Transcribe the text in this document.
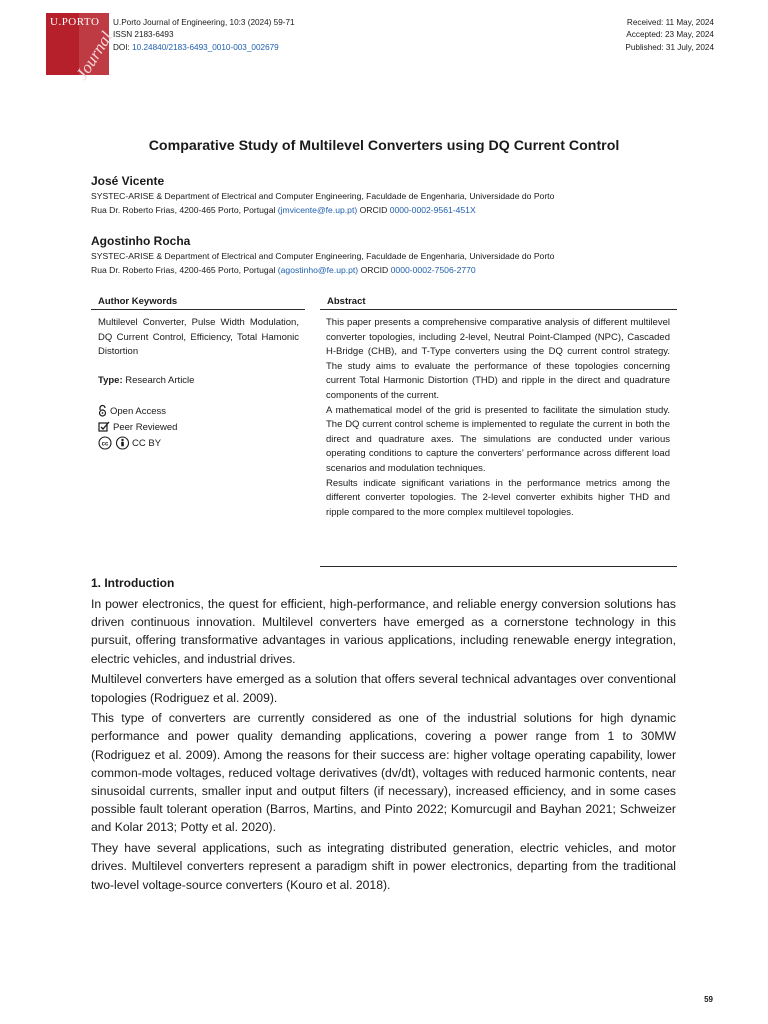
U.PORTO
Journal
U.Porto Journal of Engineering, 10:3 (2024) 59-71
ISSN 2183-6493
DOI: 10.24840/2183-6493_0010-003_002679
Received: 11 May, 2024
Accepted: 23 May, 2024
Published: 31 July, 2024
Comparative Study of Multilevel Converters using DQ Current Control
José Vicente
SYSTEC-ARISE & Department of Electrical and Computer Engineering, Faculdade de Engenharia, Universidade do Porto
Rua Dr. Roberto Frias, 4200-465 Porto, Portugal (jmvicente@fe.up.pt) ORCID 0000-0002-9561-451X
Agostinho Rocha
SYSTEC-ARISE & Department of Electrical and Computer Engineering, Faculdade de Engenharia, Universidade do Porto
Rua Dr. Roberto Frias, 4200-465 Porto, Portugal (agostinho@fe.up.pt) ORCID 0000-0002-7506-2770
Author Keywords	Abstract
Multilevel Converter, Pulse Width Modulation, DQ Current Control, Efficiency, Total Hamonic Distortion
Type: Research Article
Open Access
Peer Reviewed
cc CC BY

This paper presents a comprehensive comparative analysis of different multilevel converter topologies, including 2-level, Neutral Point-Clamped (NPC), Cascaded H-Bridge (CHB), and T-Type converters using the DQ current control strategy. The study aims to evaluate the performance of these topologies concerning current Total Harmonic Distortion (THD) and ripple in the direct and quadrature components of the current.

A mathematical model of the grid is presented to facilitate the simulation study. The DQ current control scheme is implemented to regulate the current in both the direct and quadrature axes. The simulations are conducted under various operating conditions to capture the converters’ performance across different load scenarios and modulation techniques.

Results indicate significant variations in the performance metrics among the different converter topologies. The 2-level converter exhibits higher THD and ripple compared to the more complex multilevel topologies.

1. Introduction

In power electronics, the quest for efficient, high-performance, and reliable energy conversion solutions has driven continuous innovation. Multilevel converters have emerged as a cornerstone technology in this pursuit, offering transformative advantages in various applications, including renewable energy integration, electric vehicles, and industrial drives.

Multilevel converters have emerged as a solution that offers several technical advantages over conventional topologies (Rodriguez et al. 2009).

This type of converters are currently considered as one of the industrial solutions for high dynamic performance and power quality demanding applications, covering a power range from 1 to 30MW (Rodriguez et al. 2009). Among the reasons for their success are: higher voltage operating capability, lower common-mode voltages, reduced voltage derivatives (dv/dt), voltages with reduced harmonic contents, near sinusoidal currents, smaller input and output filters (if necessary), increased efficiency, and in some cases possible fault tolerant operation (Barros, Martins, and Pinto 2022; Komurcugil and Bayhan 2021; Schweizer and Kolar 2013; Potty et al. 2020).

They have several applications, such as integrating distributed generation, electric vehicles, and motor drives. Multilevel converters represent a paradigm shift in power electronics, departing from the traditional two-level voltage-source converters (Kouro et al. 2018).

59
